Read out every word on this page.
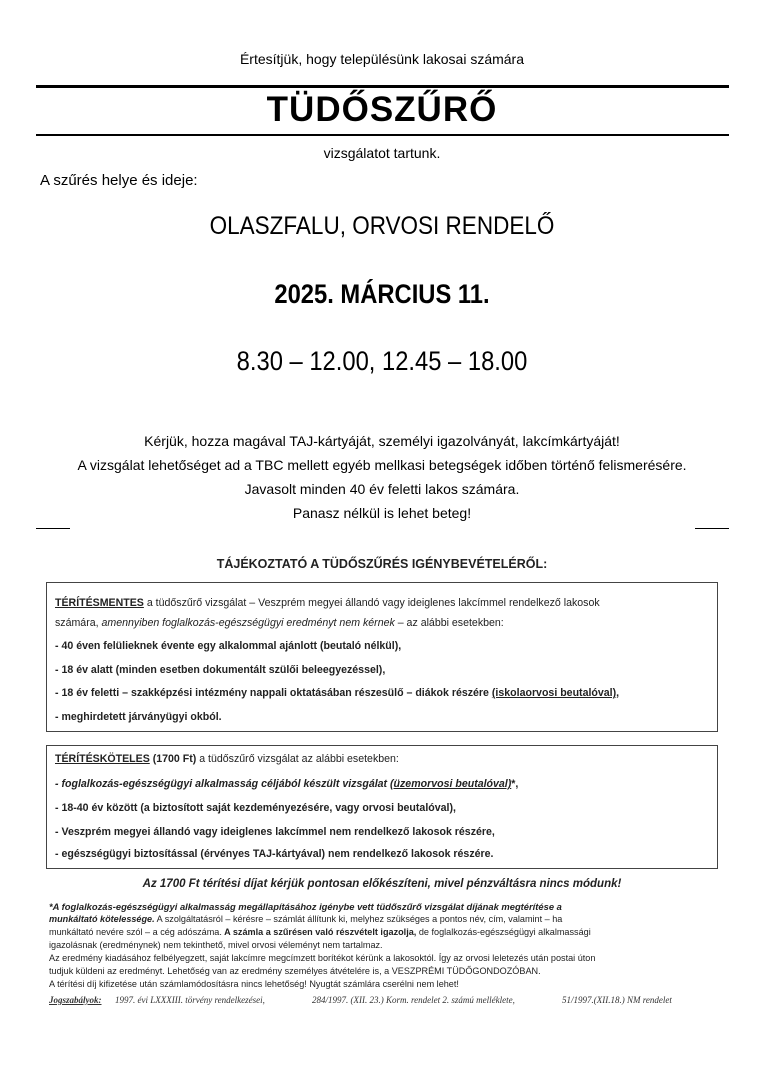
Értesítjük, hogy településünk lakosai számára
TÜDŐSZŰRŐ
vizsgálatot tartunk.
A szűrés helye és ideje:
OLASZFALU, ORVOSI RENDELŐ
2025. MÁRCIUS 11.
8.30 – 12.00, 12.45 – 18.00
Kérjük, hozza magával TAJ-kártyáját, személyi igazolványát, lakcímkártyáját!
A vizsgálat lehetőséget ad a TBC mellett egyéb mellkasi betegségek időben történő felismerésére.
Javasolt minden 40 év feletti lakos számára.
Panasz nélkül is lehet beteg!
TÁJÉKOZTATÓ A TÜDŐSZŰRÉS IGÉNYBEVÉTELÉRŐL:
TÉRÍTÉSMENTES a tüdőszűrő vizsgálat – Veszprém megyei állandó vagy ideiglenes lakcímmel rendelkező lakosok
számára, amennyiben foglalkozás-egészségügyi eredményt nem kérnek – az alábbi esetekben:
- 40 éven felülieknek évente egy alkalommal ajánlott (beutaló nélkül),
- 18 év alatt (minden esetben dokumentált szülői beleegyezéssel),
- 18 év feletti – szakképzési intézmény nappali oktatásában részesülő – diákok részére (iskolaorvosi beutalóval),
- meghirdetett járványügyi okból.
TÉRÍTÉSKÖTELES (1700 Ft) a tüdőszűrő vizsgálat az alábbi esetekben:
- foglalkozás-egészségügyi alkalmasság céljából készült vizsgálat (üzemorvosi beutalóval)*,
- 18-40 év között (a biztosított saját kezdeményezésére, vagy orvosi beutalóval),
- Veszprém megyei állandó vagy ideiglenes lakcímmel nem rendelkező lakosok részére,
- egészségügyi biztosítással (érvényes TAJ-kártyával) nem rendelkező lakosok részére.
Az 1700 Ft térítési díjat kérjük pontosan előkészíteni, mivel pénzváltásra nincs módunk!
*A foglalkozás-egészségügyi alkalmasság megállapításához igénybe vett tüdőszűrő vizsgálat díjának megtérítése a
munkáltató kötelessége. A szolgáltatásról – kérésre – számlát állítunk ki, melyhez szükséges a pontos név, cím, valamint – ha
munkáltató nevére szól – a cég adószáma. A számla a szűrésen való részvételt igazolja, de foglalkozás-egészségügyi alkalmassági
igazolásnak (eredménynek) nem tekinthető, mivel orvosi véleményt nem tartalmaz.
Az eredmény kiadásához felbélyegzett, saját lakcímre megcímzett borítékot kérünk a lakosoktól. Így az orvosi leletezés után postai úton
tudjuk küldeni az eredményt. Lehetőség van az eredmény személyes átvételére is, a VESZPRÉMI TÜDŐGONDOZÓBAN.
A térítési díj kifizetése után számlamódosításra nincs lehetőség! Nyugtát számlára cserélni nem lehet!
Jogszabályok: 1997. évi LXXXIII. törvény rendelkezései,	284/1997. (XII. 23.) Korm. rendelet 2. számú melléklete,	51/1997.(XII.18.) NM rendelet
